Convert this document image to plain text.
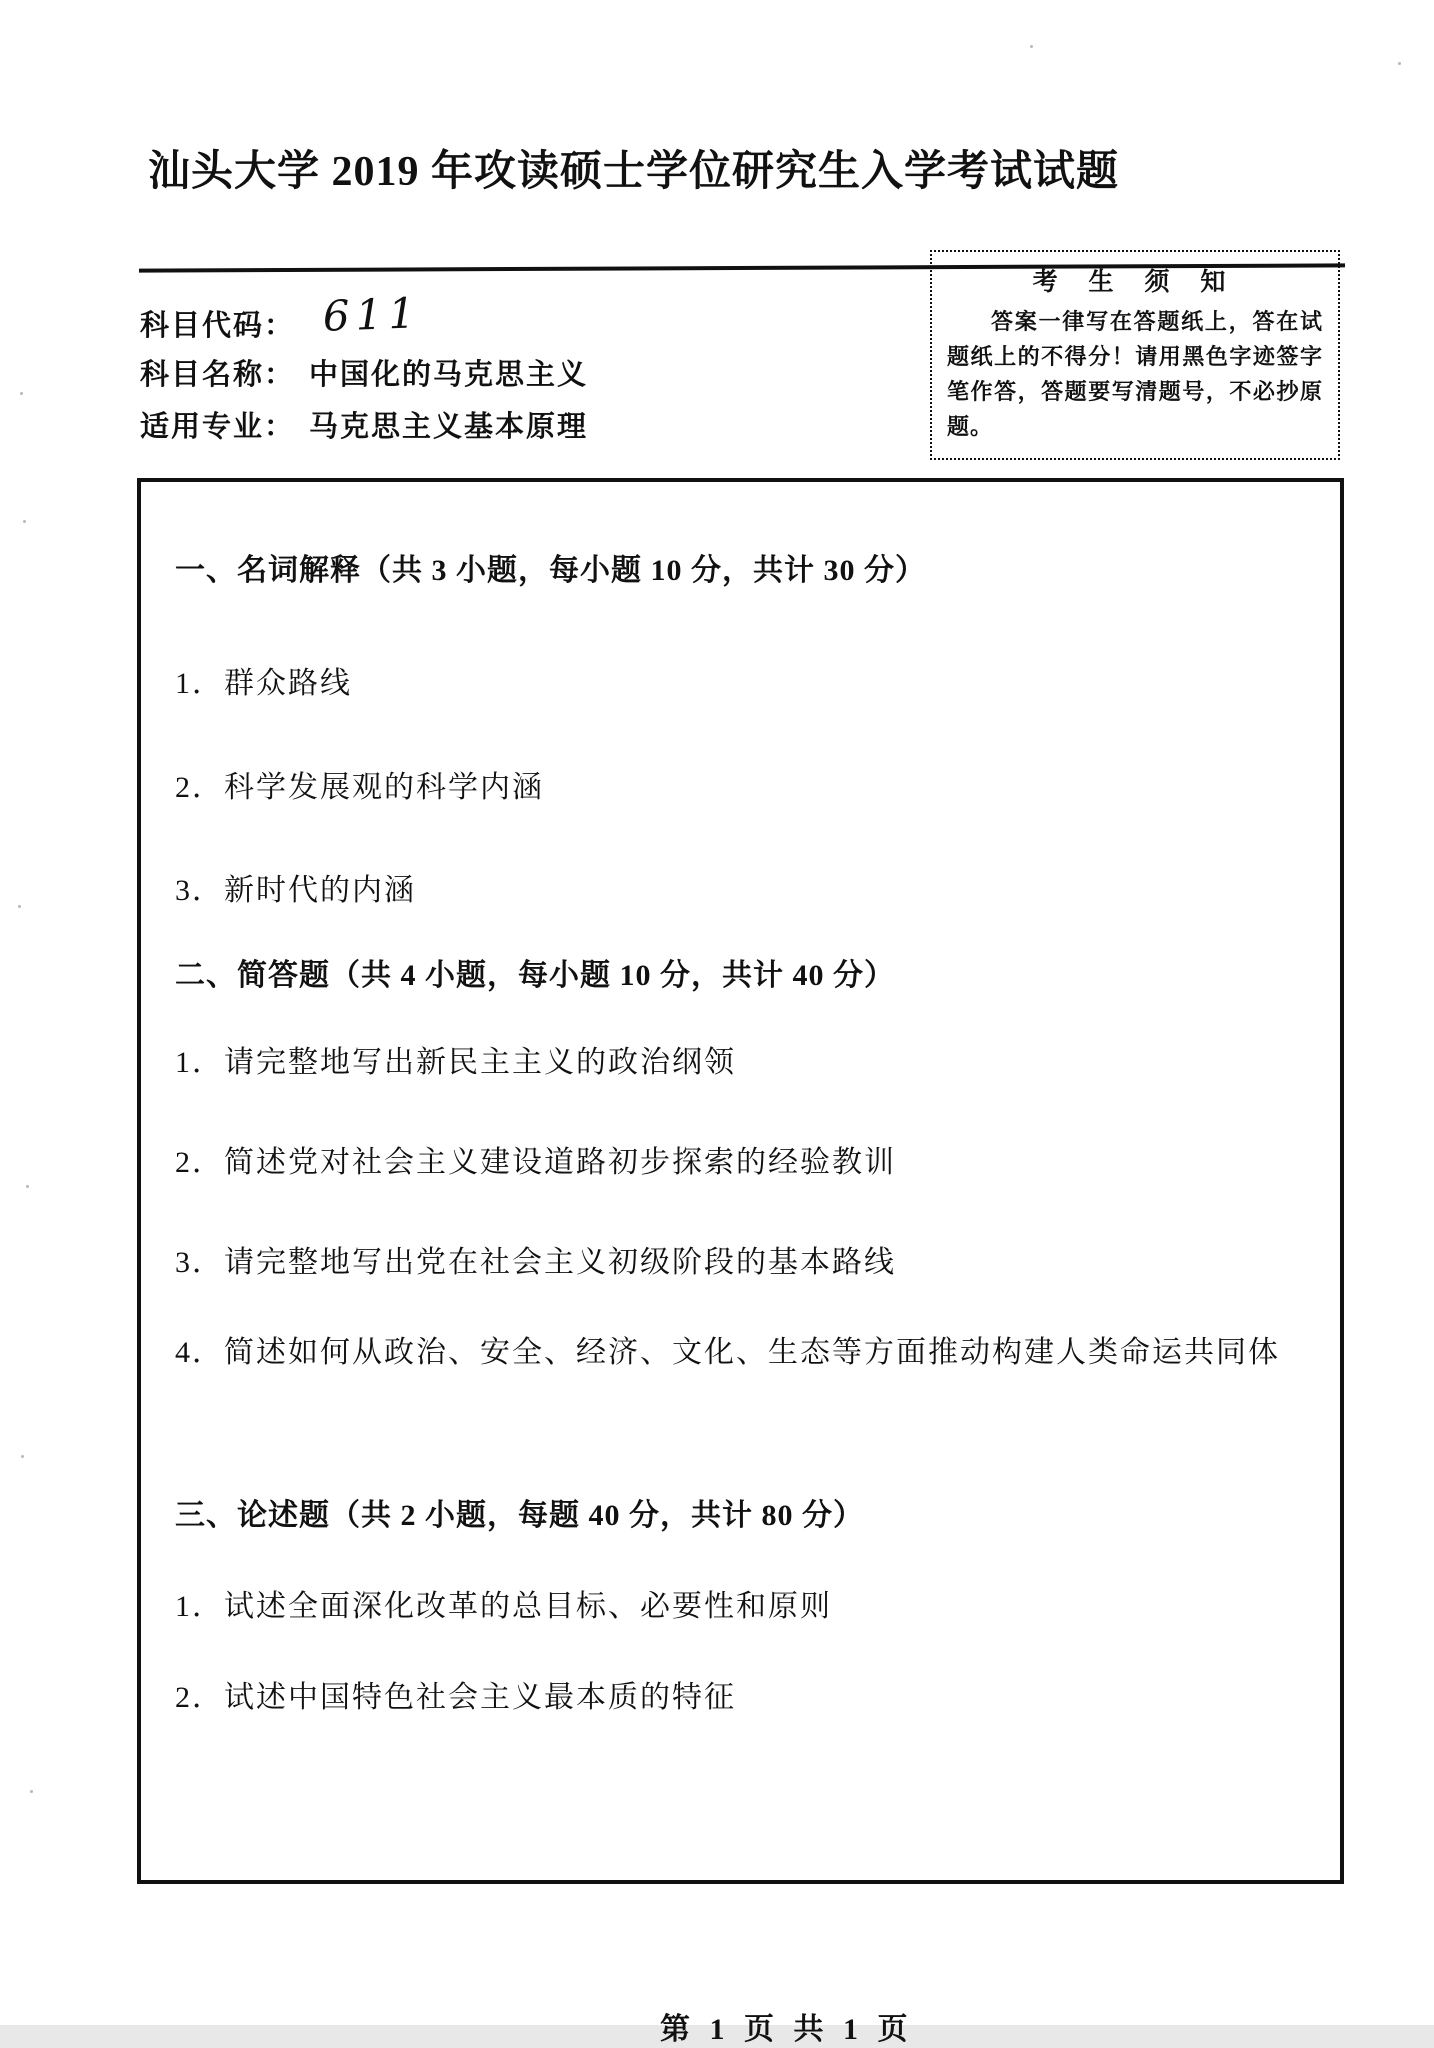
汕头大学 2019 年攻读硕士学位研究生入学考试试题
科目代码： 611
科目名称： 中国化的马克思主义
适用专业： 马克思主义基本原理
考 生 须 知

答案一律写在答题纸上，答在试题纸上的不得分！请用黑色字迹签字笔作答，答题要写清题号，不必抄原题。

一、名词解释（共 3 小题，每小题 10 分，共计 30 分）
1．群众路线
2．科学发展观的科学内涵
3．新时代的内涵
二、简答题（共 4 小题，每小题 10 分，共计 40 分）
1．请完整地写出新民主主义的政治纲领
2．简述党对社会主义建设道路初步探索的经验教训
3．请完整地写出党在社会主义初级阶段的基本路线
4．简述如何从政治、安全、经济、文化、生态等方面推动构建人类命运共同体
三、论述题（共 2 小题，每题 40 分，共计 80 分）
1．试述全面深化改革的总目标、必要性和原则
2．试述中国特色社会主义最本质的特征
第 1 页 共 1 页
